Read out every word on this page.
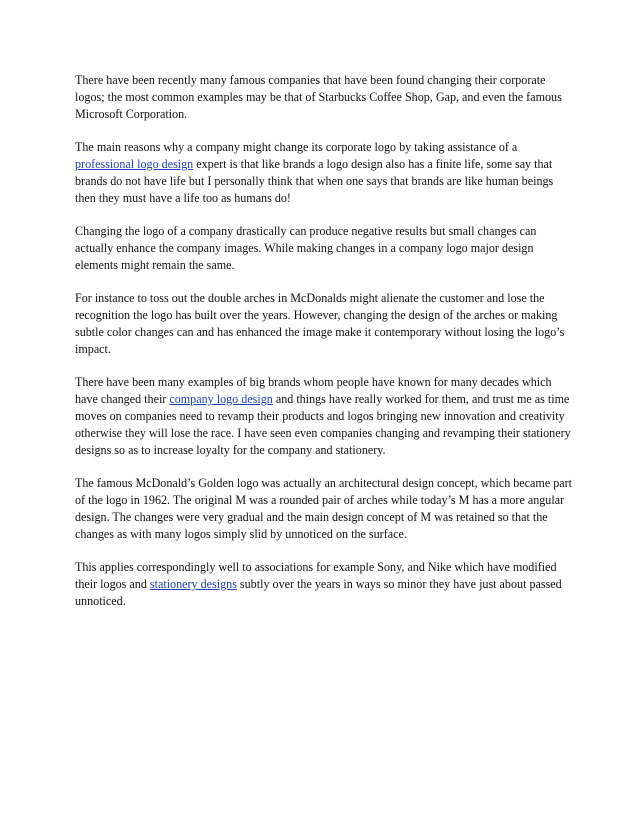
There have been recently many famous companies that have been found changing their corporate logos; the most common examples may be that of Starbucks Coffee Shop, Gap, and even the famous Microsoft Corporation.

The main reasons why a company might change its corporate logo by taking assistance of a professional logo design expert is that like brands a logo design also has a finite life, some say that brands do not have life but I personally think that when one says that brands are like human beings then they must have a life too as humans do!

Changing the logo of a company drastically can produce negative results but small changes can actually enhance the company images. While making changes in a company logo major design elements might remain the same.

For instance to toss out the double arches in McDonalds might alienate the customer and lose the recognition the logo has built over the years. However, changing the design of the arches or making subtle color changes can and has enhanced the image make it contemporary without losing the logo’s impact.

There have been many examples of big brands whom people have known for many decades which have changed their company logo design and things have really worked for them, and trust me as time moves on companies need to revamp their products and logos bringing new innovation and creativity otherwise they will lose the race. I have seen even companies changing and revamping their stationery designs so as to increase loyalty for the company and stationery.

The famous McDonald’s Golden logo was actually an architectural design concept, which became part of the logo in 1962. The original M was a rounded pair of arches while today’s M has a more angular design. The changes were very gradual and the main design concept of M was retained so that the changes as with many logos simply slid by unnoticed on the surface.

This applies correspondingly well to associations for example Sony, and Nike which have modified their logos and stationery designs subtly over the years in ways so minor they have just about passed unnoticed.
